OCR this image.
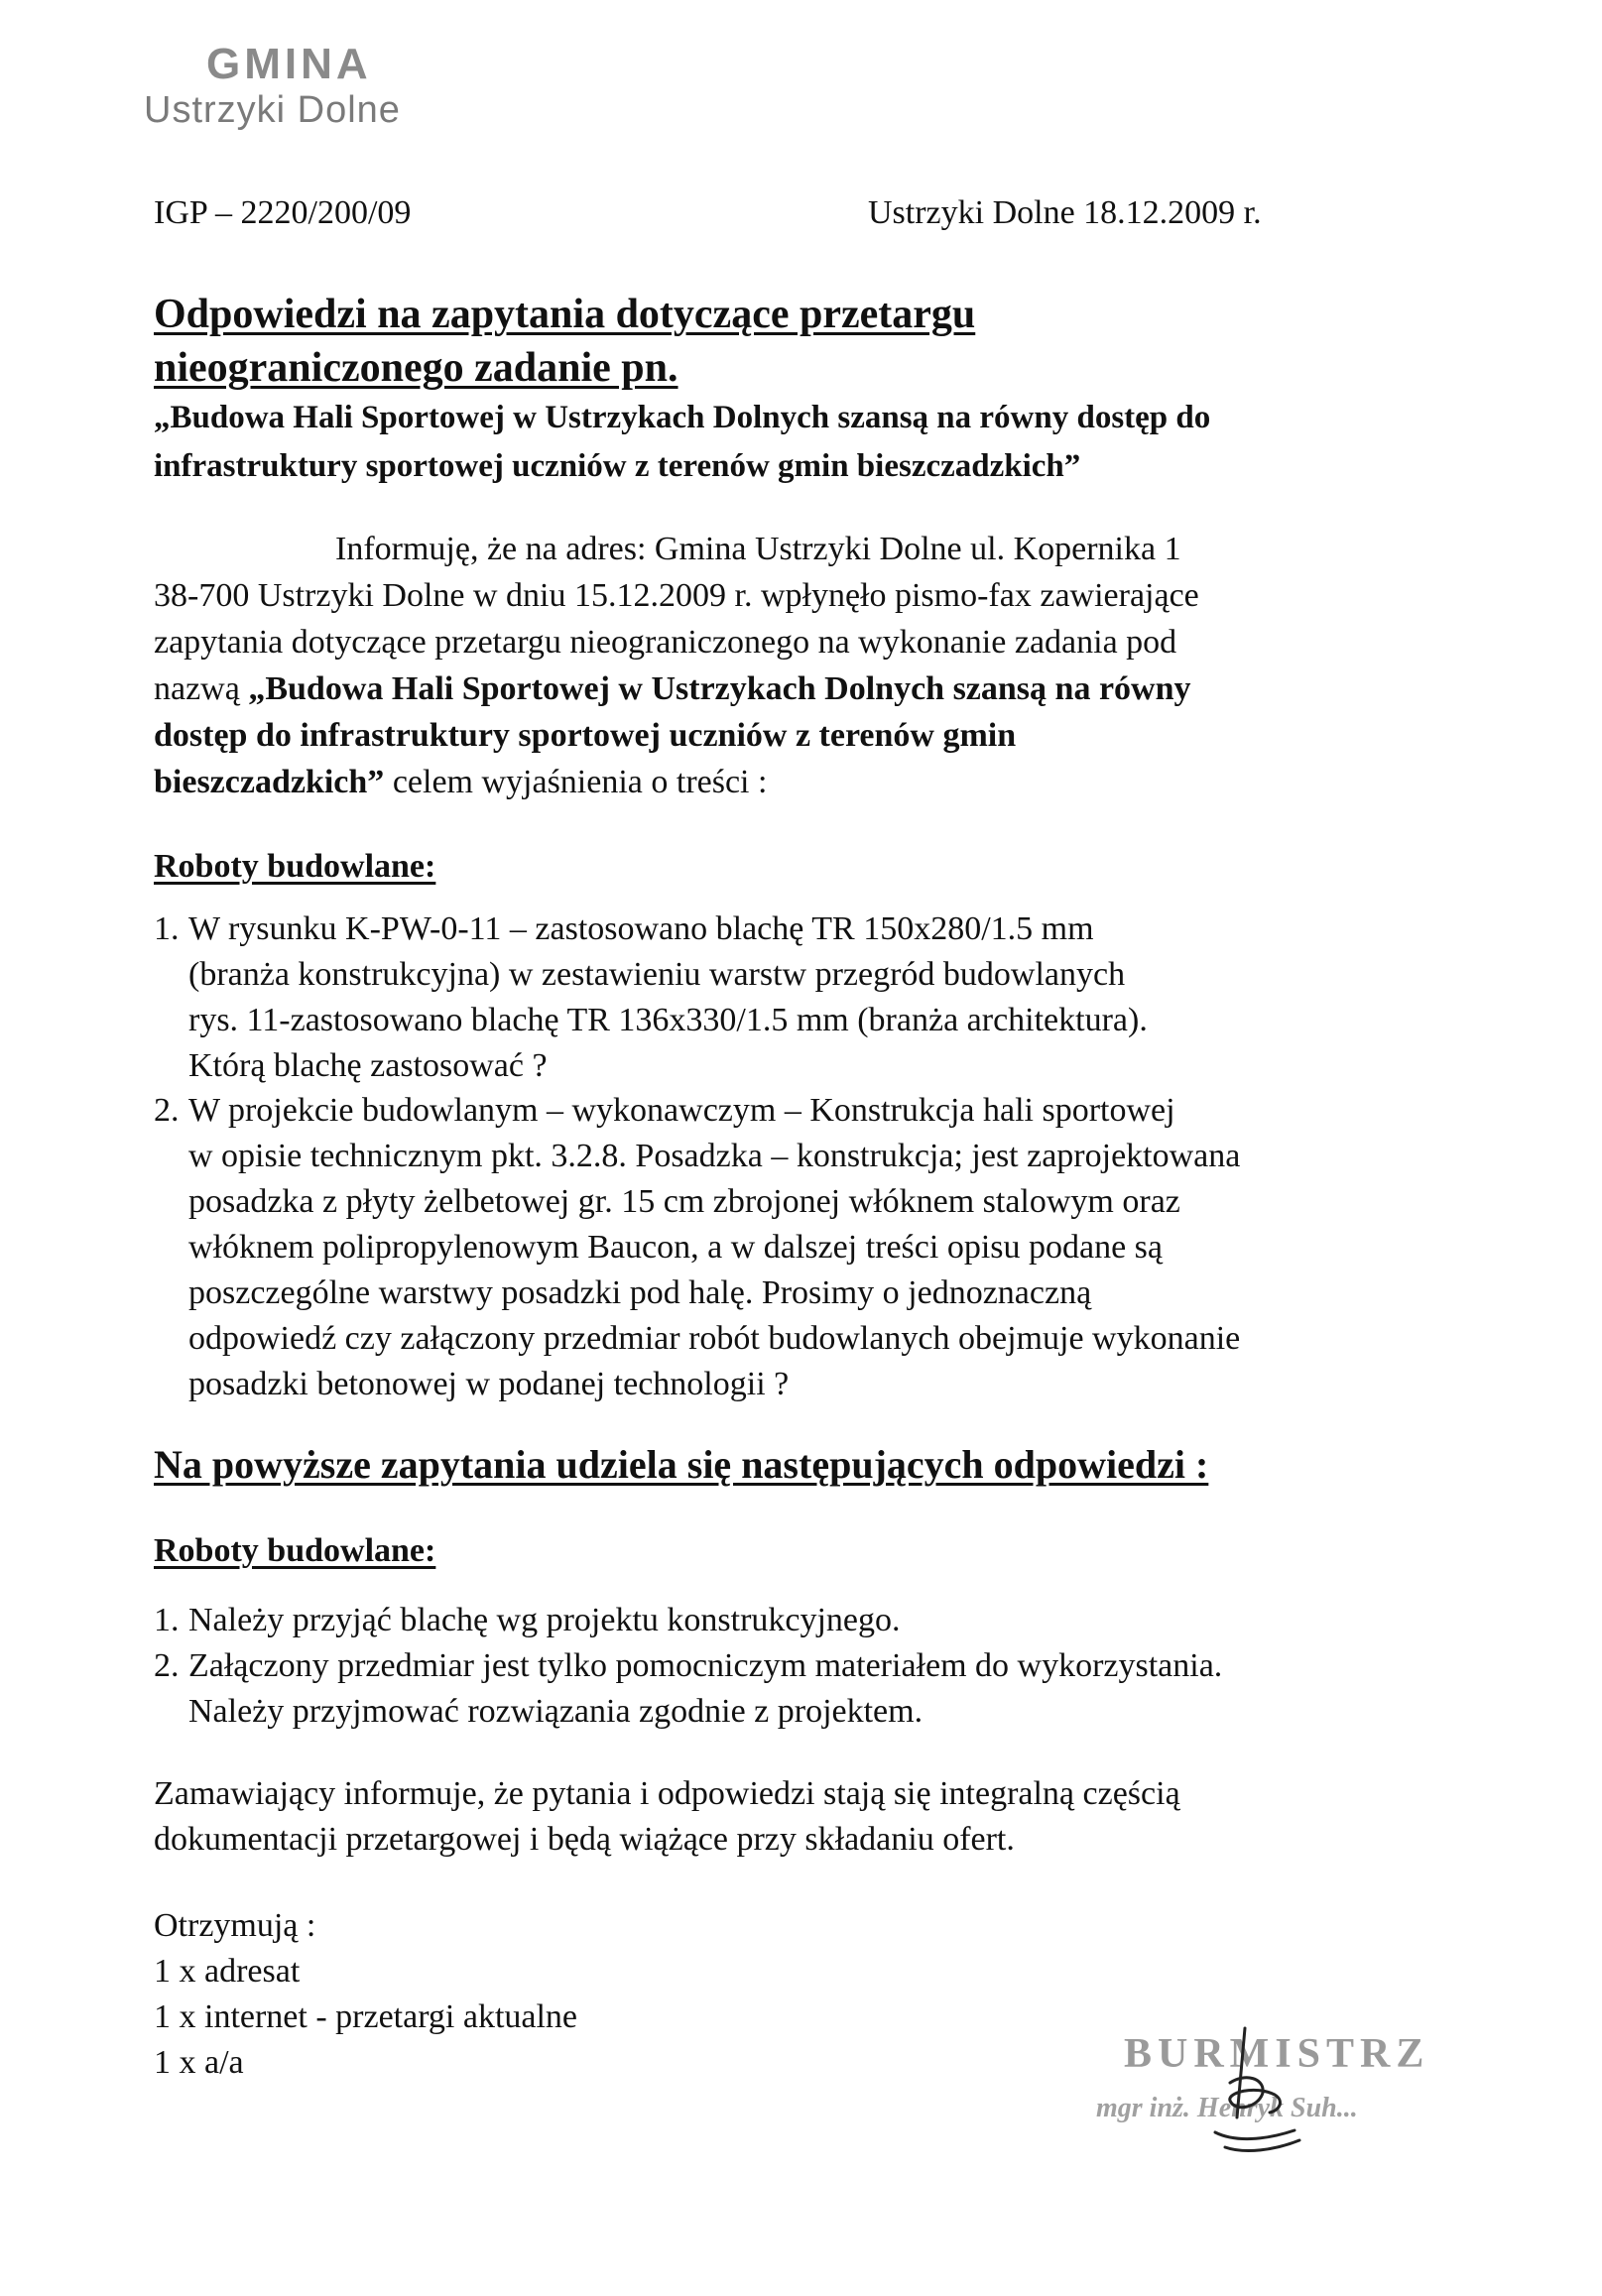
GMINA
Ustrzyki Dolne
IGP – 2220/200/09	Ustrzyki Dolne 18.12.2009 r.
Odpowiedzi na zapytania dotyczące przetargu
nieograniczonego zadanie pn.
„Budowa Hali Sportowej w Ustrzykach Dolnych szansą na równy dostęp do
infrastruktury sportowej uczniów z terenów gmin bieszczadzkich”
Informuję, że na adres: Gmina Ustrzyki Dolne ul. Kopernika 1
38-700 Ustrzyki Dolne w dniu 15.12.2009 r. wpłynęło pismo-fax zawierające
zapytania dotyczące przetargu nieograniczonego na wykonanie zadania pod
nazwą „Budowa Hali Sportowej w Ustrzykach Dolnych szansą na równy
dostęp do infrastruktury sportowej uczniów z terenów gmin
bieszczadzkich” celem wyjaśnienia o treści :
Roboty budowlane:
1. W rysunku K-PW-0-11 – zastosowano blachę TR 150x280/1.5 mm
(branża konstrukcyjna) w zestawieniu warstw przegród budowlanych
rys. 11-zastosowano blachę TR 136x330/1.5 mm (branża architektura).
Którą blachę zastosować ?
2. W projekcie budowlanym – wykonawczym – Konstrukcja hali sportowej
w opisie technicznym pkt. 3.2.8. Posadzka – konstrukcja; jest zaprojektowana
posadzka z płyty żelbetowej gr. 15 cm zbrojonej włóknem stalowym oraz
włóknem polipropylenowym Baucon, a w dalszej treści opisu podane są
poszczególne warstwy posadzki pod halę. Prosimy o jednoznaczną
odpowiedź czy załączony przedmiar robót budowlanych obejmuje wykonanie
posadzki betonowej w podanej technologii ?
Na powyższe zapytania udziela się następujących odpowiedzi :
Roboty budowlane:
1. Należy przyjąć blachę wg projektu konstrukcyjnego.
2. Załączony przedmiar jest tylko pomocniczym materiałem do wykorzystania.
Należy przyjmować rozwiązania zgodnie z projektem.
Zamawiający informuje, że pytania i odpowiedzi stają się integralną częścią
dokumentacji przetargowej i będą wiążące przy składaniu ofert.
Otrzymują :
1 x adresat
1 x internet - przetargi aktualne
1 x a/a	BURMISTRZ
mgr inż. Henryk Suh...
